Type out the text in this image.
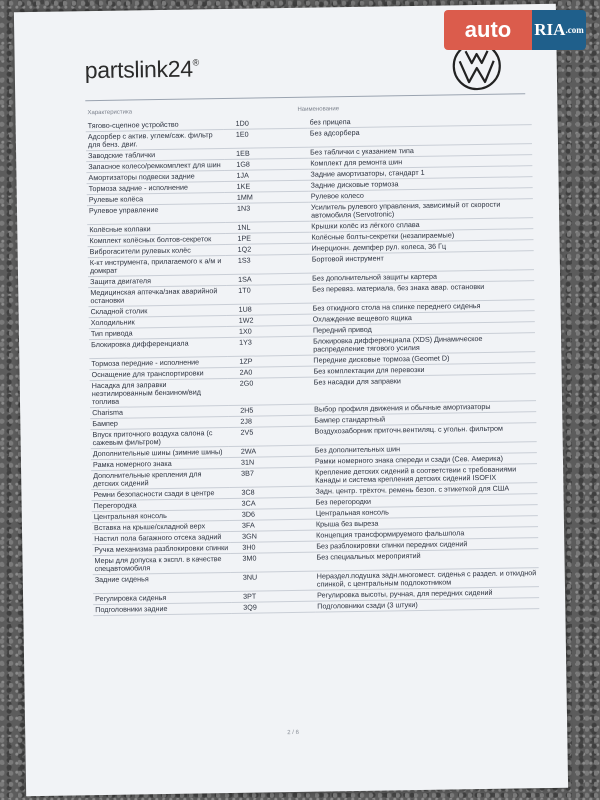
partslink24®
Характеристика	Наименование
Тягово-сцепное устройство	1D0	без прицепа
Адсорбер с актив. углем/саж. фильтр для бенз. двиг.	1E0	Без адсорбера
Заводские таблички	1EB	Без таблички с указанием типа
Запасное колесо/ремкомплект для шин	1G8	Комплект для ремонта шин
Амортизаторы подвески задние	1JA	Задние амортизаторы, стандарт 1
Тормоза задние - исполнение	1KE	Задние дисковые тормоза
Рулевые колёса	1MM	Рулевое колесо
Рулевое управление	1N3	Усилитель рулевого управления, зависимый от скорости автомобиля (Servotronic)
Колёсные колпаки	1NL	Крышки колёс из лёгкого сплава
Комплект колёсных болтов-секреток	1PE	Колёсные болты-секретки (незапираемые)
Виброгасители рулевых колёс	1Q2	Инерционн. демпфер рул. колеса, 36 Гц
К-кт инструмента, прилагаемого к а/м и домкрат	1S3	Бортовой инструмент
Защита двигателя	1SA	Без дополнительной защиты картера
Медицинская аптечка/знак аварийной остановки	1T0	Без перевяз. материала, без знака авар. остановки
Складной столик	1U8	Без откидного стола на спинке переднего сиденья
Холодильник	1W2	Охлаждение вещевого ящика
Тип привода	1X0	Передний привод
Блокировка дифференциала	1Y3	Блокировка дифференциала (XDS) Динамическое распределение тягового усилия
Тормоза передние - исполнение	1ZP	Передние дисковые тормоза (Geomet D)
Оснащение для транспортировки	2A0	Без комплектации для перевозки
Насадка для заправки неэтилированным бензином/вид топлива	2G0	Без насадки для заправки
Charisma	2H5	Выбор профиля движения и обычные амортизаторы
Бампер	2J8	Бампер стандартный
Впуск приточного воздуха салона (с сажевым фильтром)	2V5	Воздухозаборник приточн.вентиляц. с угольн. фильтром
Дополнительные шины (зимние шины)	2WA	Без дополнительных шин
Рамка номерного знака	31N	Рамки номерного знака спереди и сзади (Сев. Америка)
Дополнительные крепления для детских сидений	3B7	Крепление детских сидений в соответствии с требованиями Канады и система крепления детских сидений ISOFIX
Ремни безопасности сзади в центре	3C8	Задн. центр. трёхточ. ремень безоп. с этикеткой для США
Перегородка	3CA	Без перегородки
Центральная консоль	3D6	Центральная консоль
Вставка на крыше/складной верх	3FA	Крыша без выреза
Настил пола багажного отсека задний	3GN	Концепция трансформируемого фальшпола
Ручка механизма разблокировки спинки	3H0	Без разблокировки спинки передних сидений
Меры для допуска к экспл. в качестве спецавтомобиля	3M0	Без специальных мероприятий
Задние сиденья	3NU	Нераздел.подушка задн.многомест. сиденья с раздел. и откидной спинкой, с центральным подлокотником
Регулировка сиденья	3PT	Регулировка высоты, ручная, для передних сидений
Подголовники задние	3Q9	Подголовники сзади (3 штуки)
2 / 6
auto	$RIA^{.com}$
